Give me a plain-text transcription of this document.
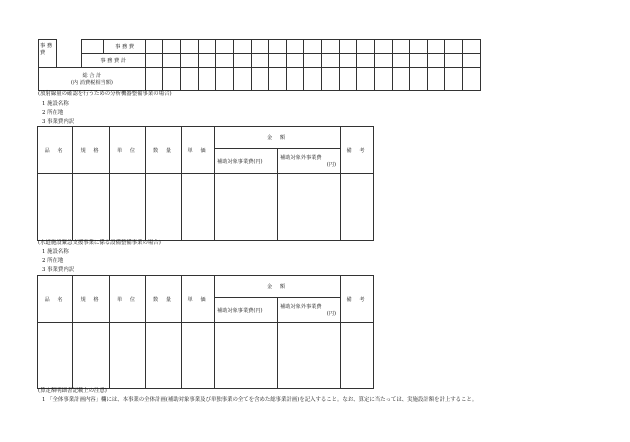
事 務 費			事 務 費																			
		事 務 費 計																				

総 合 計
(内 消費税相当額)																						

(放射線量の確認を行うための分析機器整備事業の場合)
1 施設名称
2 所在地
3 事業費内訳
品 名	規 格	単 位	数 量	単 価	金 額		備 考
					補助対象事業費(円)	補助対象外事業費
(円)	

(水道施設緊急支援事業に係る設備整備事業の場合)
1 施設名称
2 所在地
3 事業費内訳
品 名	規 格	単 位	数 量	単 価	金 額		備 考
					補助対象事業費(円)	補助対象外事業費
(円)	

(算定額明細書記載上の注意)
1 「全体事業計画内容」欄には、本事業の全体計画(補助対象事業及び単独事業の全てを含めた総事業計画)を記入すること。なお、算定に当たっては、実施設計額を計上すること。
